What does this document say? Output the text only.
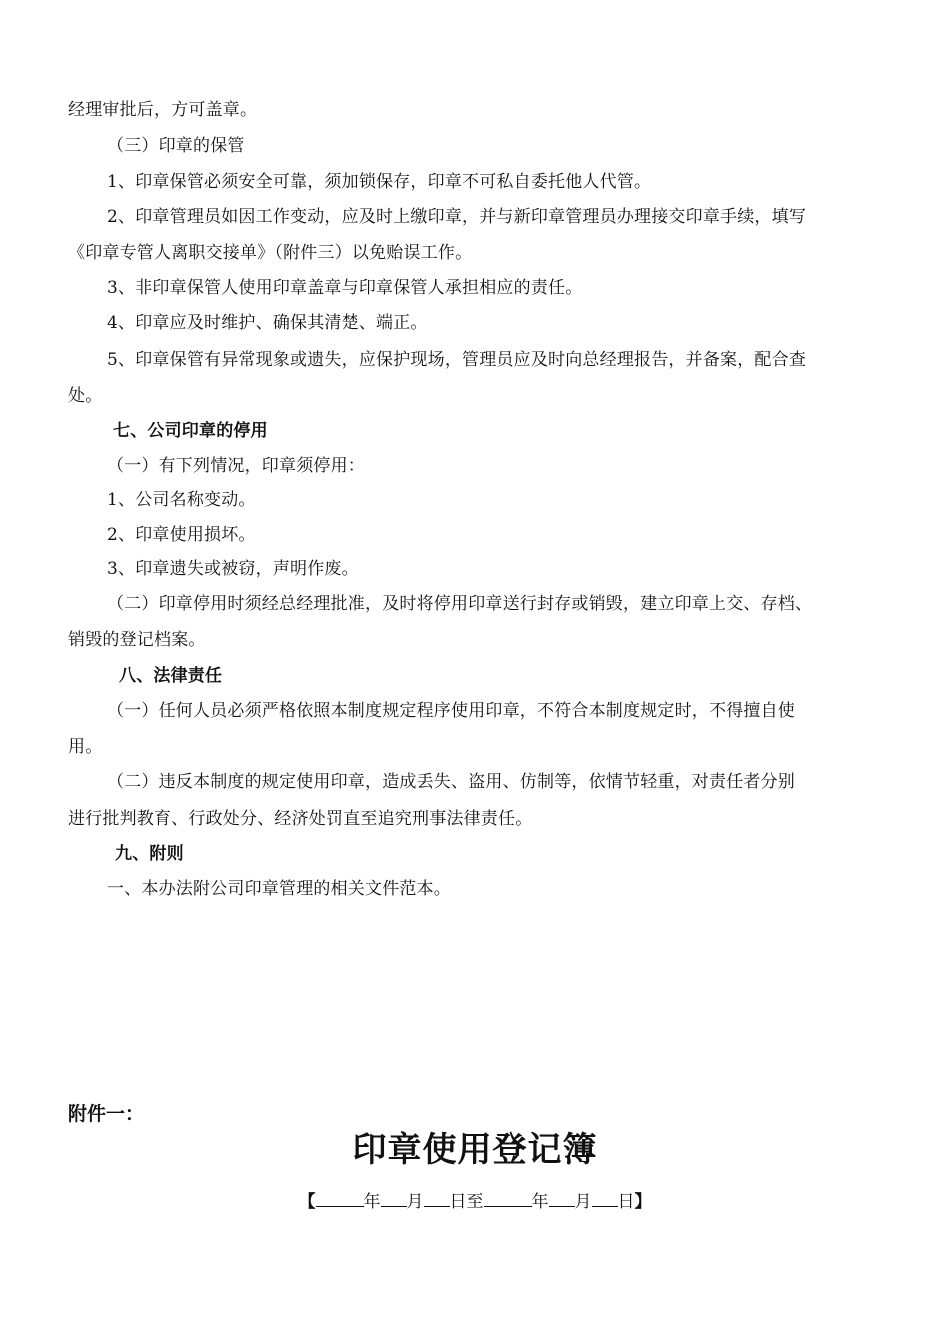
经理审批后，方可盖章。
（三）印章的保管
1、印章保管必须安全可靠，须加锁保存，印章不可私自委托他人代管。
2、印章管理员如因工作变动，应及时上缴印章，并与新印章管理员办理接交印章手续，填写
《印章专管人离职交接单》（附件三）以免贻误工作。
3、非印章保管人使用印章盖章与印章保管人承担相应的责任。
4、印章应及时维护、确保其清楚、端正。
5、印章保管有异常现象或遗失，应保护现场，管理员应及时向总经理报告，并备案，配合查
处。
七、公司印章的停用
（一）有下列情况，印章须停用：
1、公司名称变动。
2、印章使用损坏。
3、印章遗失或被窃，声明作废。
（二）印章停用时须经总经理批准，及时将停用印章送行封存或销毁，建立印章上交、存档、
销毁的登记档案。
八、法律责任
（一）任何人员必须严格依照本制度规定程序使用印章，不符合本制度规定时，不得擅自使
用。
（二）违反本制度的规定使用印章，造成丢失、盗用、仿制等，依情节轻重，对责任者分别
进行批判教育、行政处分、经济处罚直至追究刑事法律责任。
九、附则
一、本办法附公司印章管理的相关文件范本。
附件一：
印章使用登记簿
【	年 月 日至	年 月 日】
